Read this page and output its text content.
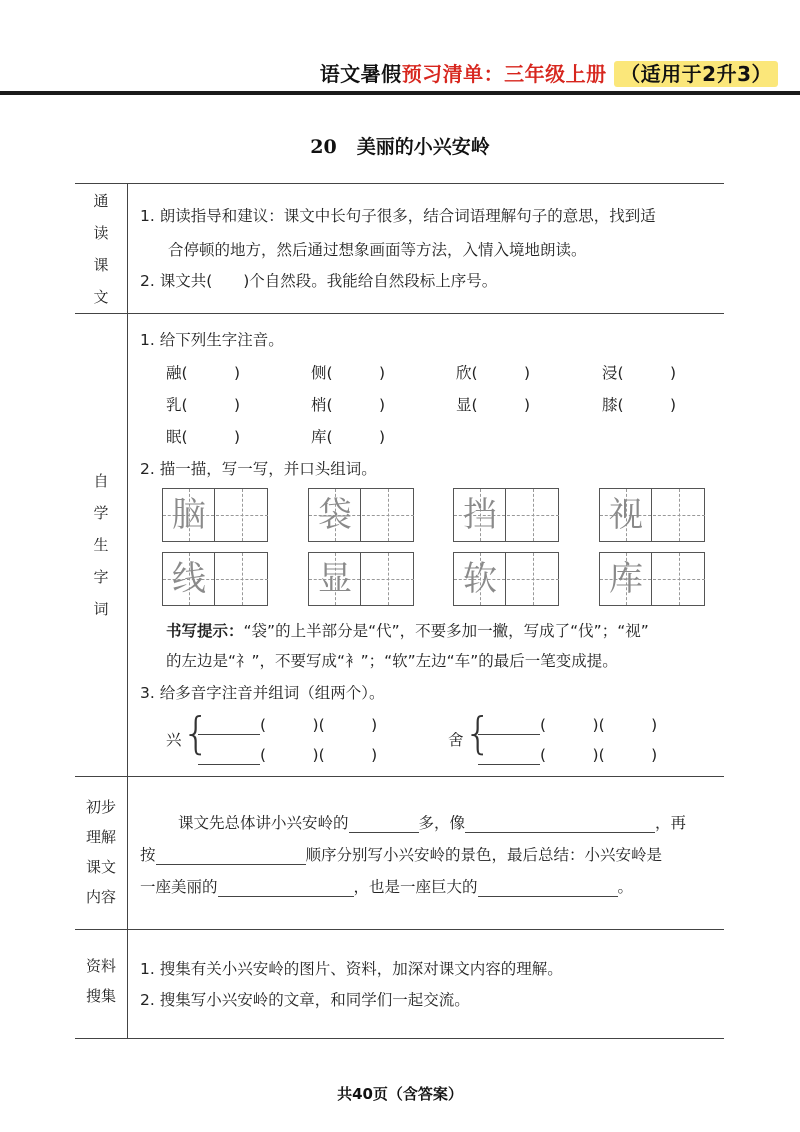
语文暑假预习清单：三年级上册 （适用于2升3）
20 美丽的小兴安岭
通
读
课
文
1. 朗读指导和建议：课文中长句子很多，结合词语理解句子的意思，找到适
合停顿的地方，然后通过想象画面等方法，入情入境地朗读。
2. 课文共(　　)个自然段。我能给自然段标上序号。
自
学
生
字
词
1. 给下列生字注音。
融(　　　)	侧(　　　)	欣(　　　)	浸(　　　)
乳(　　　)	梢(　　　)	显(　　　)	膝(　　　)
眠(　　　)	库(　　　)
2. 描一描，写一写，并口头组词。
脑	袋	挡	视
线	显	软	库
书写提示：“袋”的上半部分是“代”，不要多加一撇，写成了“伐”；“视”
的左边是“礻”，不要写成“衤”；“软”左边“车”的最后一笔变成提。
3. 给多音字注音并组词（组两个）。
兴 {	(　　　)(　　　)
(　　　)(　　　)
舍 {	(　　　)(　　　)
(　　　)(　　　)
初步
理解
课文
内容
课文先总体讲小兴安岭的	多，像	，再
按	顺序分别写小兴安岭的景色，最后总结：小兴安岭是
一座美丽的	，也是一座巨大的	。
资料
搜集
1. 搜集有关小兴安岭的图片、资料，加深对课文内容的理解。
2. 搜集写小兴安岭的文章，和同学们一起交流。
共40页（含答案）
